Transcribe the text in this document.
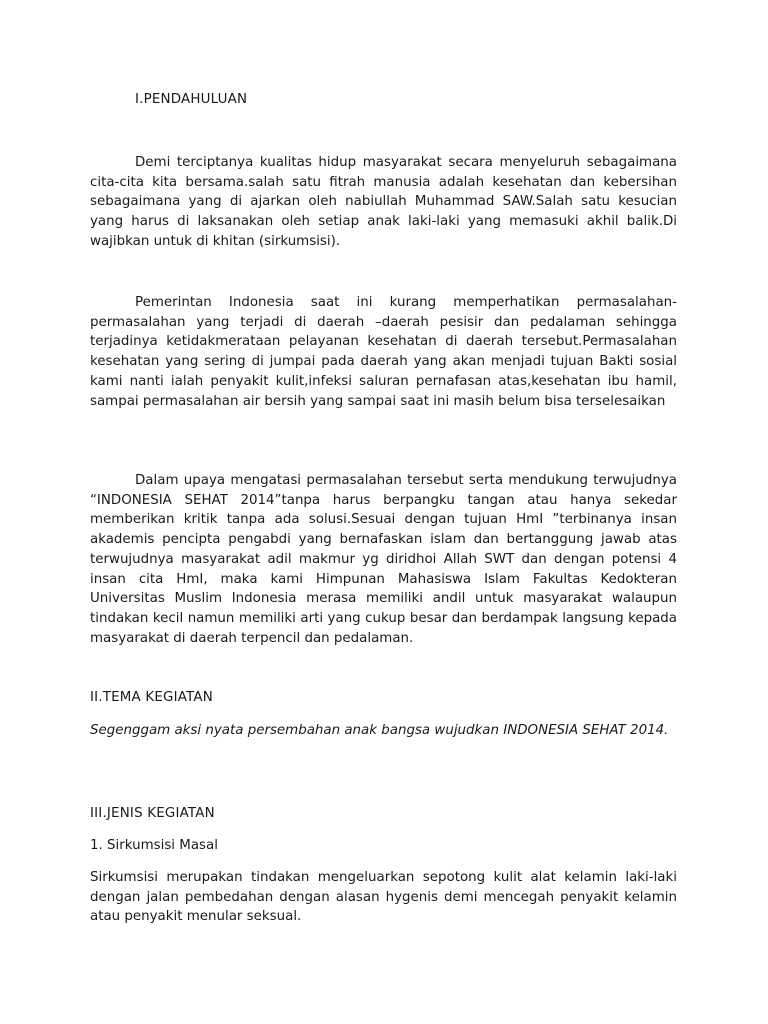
I.PENDAHULUAN

Demi terciptanya kualitas hidup masyarakat secara menyeluruh sebagaimana cita-cita kita bersama.salah satu fitrah manusia adalah kesehatan dan kebersihan sebagaimana yang di ajarkan oleh nabiullah Muhammad SAW.Salah satu kesucian yang harus di laksanakan oleh setiap anak laki-laki yang memasuki akhil balik.Di wajibkan untuk di khitan (sirkumsisi).

Pemerintan Indonesia saat ini kurang memperhatikan permasalahan-permasalahan yang terjadi di daerah –daerah pesisir dan pedalaman sehingga terjadinya ketidakmerataan pelayanan kesehatan di daerah tersebut.Permasalahan kesehatan yang sering di jumpai pada daerah yang akan menjadi tujuan Bakti sosial kami nanti ialah penyakit kulit,infeksi saluran pernafasan atas,kesehatan ibu hamil, sampai permasalahan air bersih yang sampai saat ini masih belum bisa terselesaikan

Dalam upaya mengatasi permasalahan tersebut serta mendukung terwujudnya “INDONESIA SEHAT 2014”tanpa harus berpangku tangan atau hanya sekedar memberikan kritik tanpa ada solusi.Sesuai dengan tujuan HmI ”terbinanya insan akademis pencipta pengabdi yang bernafaskan islam dan bertanggung jawab atas terwujudnya masyarakat adil makmur yg diridhoi Allah SWT dan dengan potensi 4 insan cita HmI, maka kami Himpunan Mahasiswa Islam Fakultas Kedokteran Universitas Muslim Indonesia merasa memiliki andil untuk masyarakat walaupun tindakan kecil namun memiliki arti yang cukup besar dan berdampak langsung kepada masyarakat di daerah terpencil dan pedalaman.

II.TEMA KEGIATAN

Segenggam aksi nyata persembahan anak bangsa wujudkan INDONESIA SEHAT 2014.

III.JENIS KEGIATAN
1. Sirkumsisi Masal

Sirkumsisi merupakan tindakan mengeluarkan sepotong kulit alat kelamin laki-laki dengan jalan pembedahan dengan alasan hygenis demi mencegah penyakit kelamin atau penyakit menular seksual.
